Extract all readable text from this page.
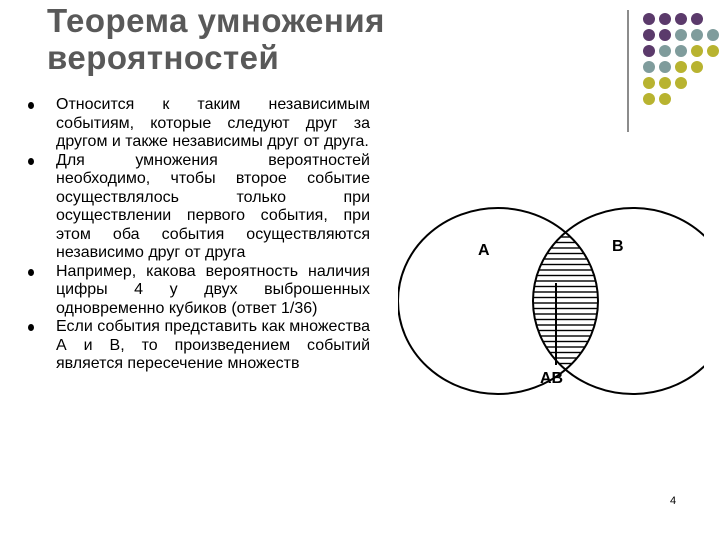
Теорема умножения
вероятностей
Относится к таким независимым событиям, которые следуют друг за другом и также независимы друг от друга.
Для умножения вероятностей необходимо, чтобы второе событие осуществлялось только при осуществлении первого события, при этом оба события осуществляются независимо друг от друга
Например, какова вероятность наличия цифры 4 у двух выброшенных одновременно кубиков (ответ 1/36)
Если события представить как множества А и В, то произведением событий является пересечение множеств
A	B
AB
4
